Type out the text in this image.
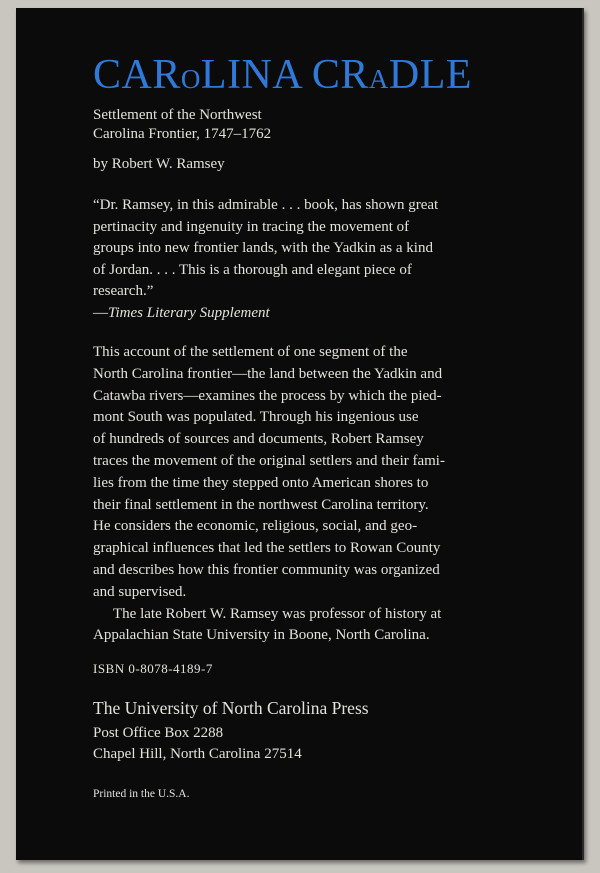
CAROLINA CRADLE
Settlement of the Northwest
Carolina Frontier, 1747–1762
by Robert W. Ramsey
“Dr. Ramsey, in this admirable . . . book, has shown great
pertinacity and ingenuity in tracing the movement of
groups into new frontier lands, with the Yadkin as a kind
of Jordan. . . . This is a thorough and elegant piece of
research.”
—Times Literary Supplement

This account of the settlement of one segment of the
North Carolina frontier—the land between the Yadkin and
Catawba rivers—examines the process by which the pied-
mont South was populated. Through his ingenious use
of hundreds of sources and documents, Robert Ramsey
traces the movement of the original settlers and their fami-
lies from the time they stepped onto American shores to
their final settlement in the northwest Carolina territory.
He considers the economic, religious, social, and geo-
graphical influences that led the settlers to Rowan County
and describes how this frontier community was organized
and supervised.

The late Robert W. Ramsey was professor of history at
Appalachian State University in Boone, North Carolina.

ISBN 0-8078-4189-7
The University of North Carolina Press
Post Office Box 2288
Chapel Hill, North Carolina 27514
Printed in the U.S.A.
